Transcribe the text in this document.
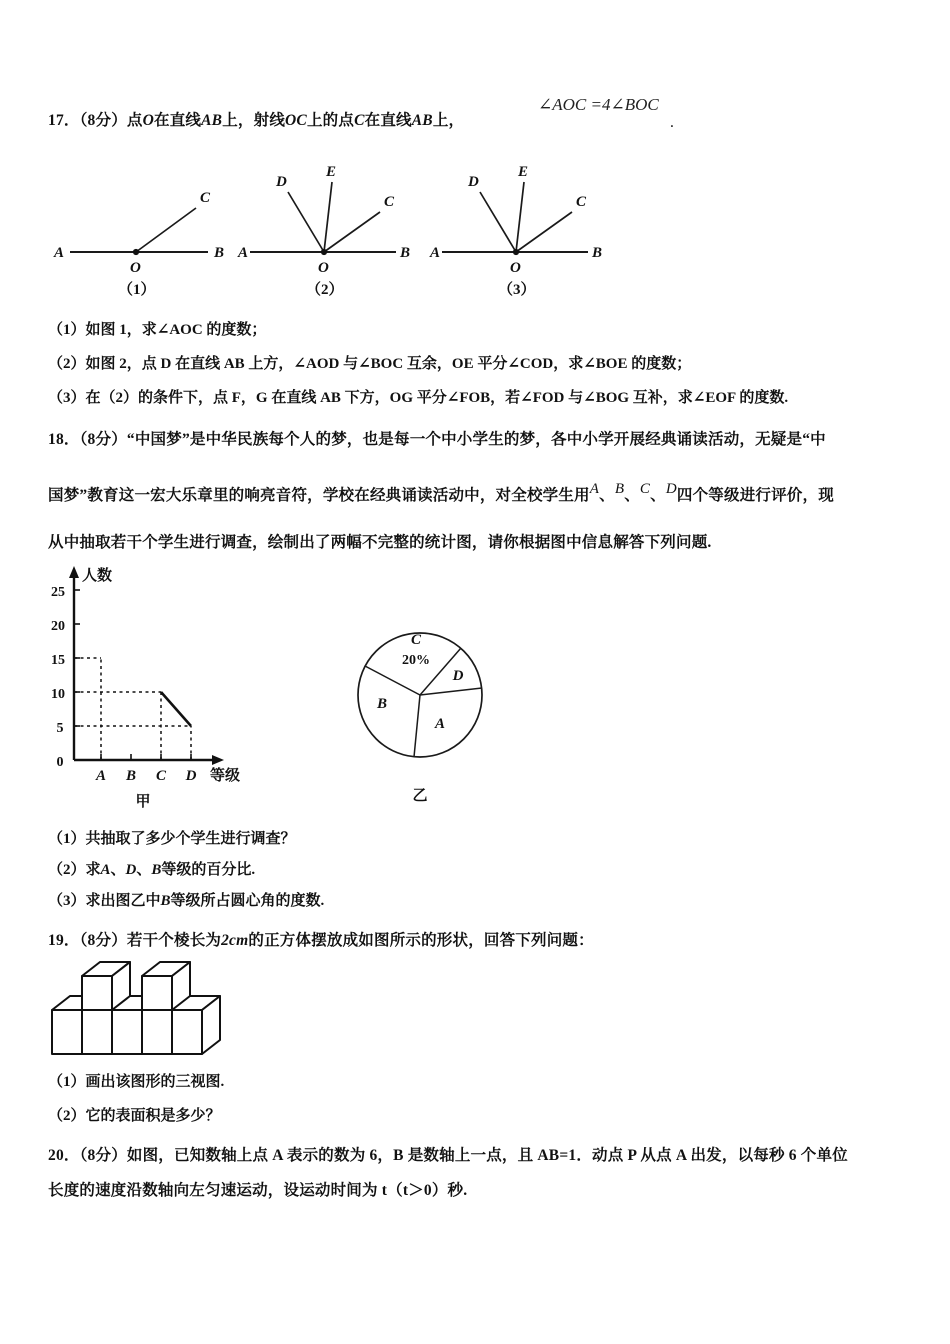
17．（8分）点O在直线AB上，射线OC上的点C在直线AB上，
∠AOC =4∠BOC
.
A	B
C
O
（1）
A	B
C
E
D
O
（2）
A	B
C
E
D
O
（3）
（1）如图 1，求∠AOC 的度数；
（2）如图 2，点 D 在直线 AB 上方，∠AOD 与∠BOC 互余，OE 平分∠COD，求∠BOE 的度数；
（3）在（2）的条件下，点 F，G 在直线 AB 下方，OG 平分∠FOB，若∠FOD 与∠BOG 互补，求∠EOF 的度数.
18．（8分）“中国梦”是中华民族每个人的梦，也是每一个中小学生的梦，各中小学开展经典诵读活动，无疑是“中
国梦”教育这一宏大乐章里的响亮音符，学校在经典诵读活动中，对全校学生用A、B、C、D四个等级进行评价，现
从中抽取若干个学生进行调查，绘制出了两幅不完整的统计图，请你根据图中信息解答下列问题.
0
5
10
15
20
25
A B C D
人数
等级
甲
C
20%
D
A
B
乙
（1）共抽取了多少个学生进行调查？
（2）求A、D、B等级的百分比.
（3）求出图乙中B等级所占圆心角的度数.
19．（8分）若干个棱长为2cm的正方体摆放成如图所示的形状，回答下列问题：
（1）画出该图形的三视图.
（2）它的表面积是多少？
20．（8分）如图，已知数轴上点 A 表示的数为 6，B 是数轴上一点，且 AB=1．动点 P 从点 A 出发，以每秒 6 个单位
长度的速度沿数轴向左匀速运动，设运动时间为 t（t＞0）秒.
